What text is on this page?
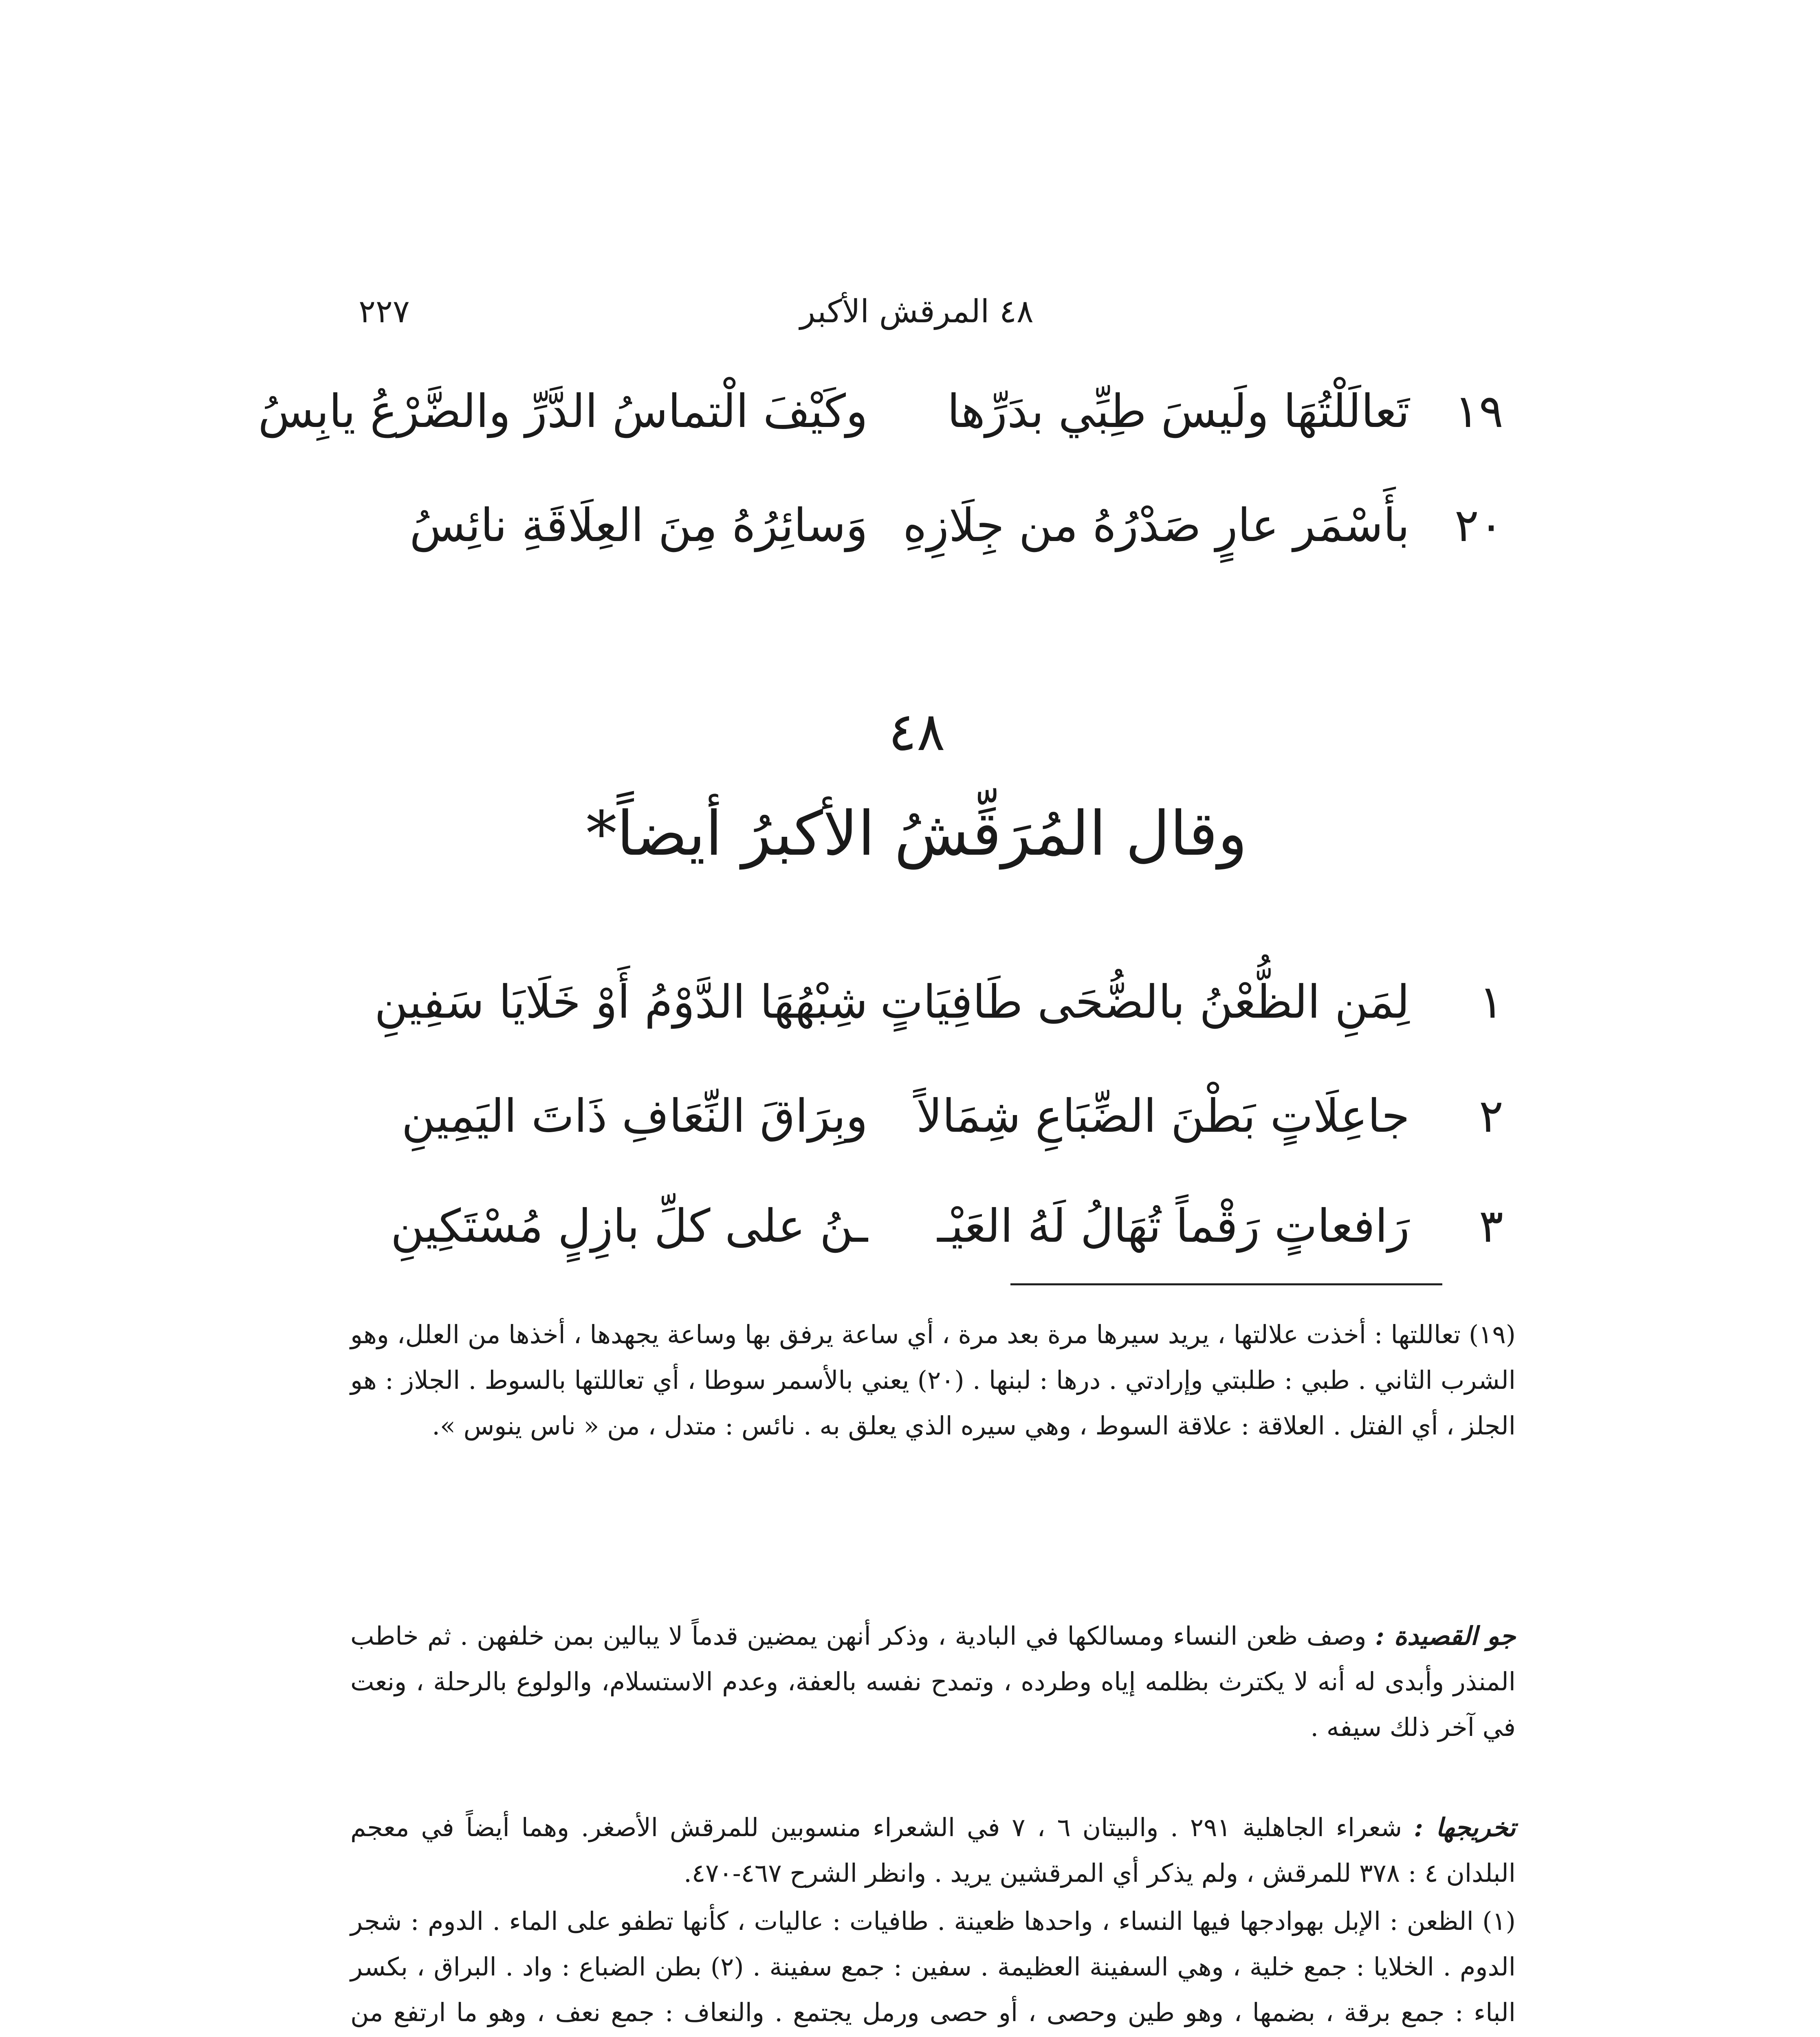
٤٨ المرقش الأكبر
٢٢٧
١٩
تَعالَلْتُهَا ولَيسَ طِبِّي بدَرِّها
وكَيْفَ الْتماسُ الدَّرِّ والضَّرْعُ يابِسُ
٢٠
بأَسْمَر عارٍ صَدْرُهُ من جِلَازِهِ
وَسائِرُهُ مِنَ العِلَاقَةِ نائِسُ
٤٨
وقال المُرَقِّشُ الأكبرُ أيضاً*
١
لِمَنِ الظُّعْنُ بالضُّحَى طَافِيَاتٍ
شِبْهُهَا الدَّوْمُ أَوْ خَلَايَا سَفِينِ
٢
جاعِلَاتٍ بَطْنَ الضِّبَاعِ شِمَالاً
وبِرَاقَ النِّعَافِ ذَاتَ اليَمِينِ
٣
رَافعاتٍ رَقْماً تُهَالُ لَهُ العَيْـ
ـنُ على كلِّ بازِلٍ مُسْتَكِينِ
(١٩) تعاللتها : أخذت علالتها ، يريد سيرها مرة بعد مرة ، أي ساعة يرفق بها وساعة يجهدها ، أخذها من العلل، وهو الشرب الثاني . طبي : طلبتي وإرادتي . درها : لبنها . (٢٠) يعني بالأسمر سوطا ، أي تعاللتها بالسوط . الجلاز : هو الجلز ، أي الفتل . العلاقة : علاقة السوط ، وهي سيره الذي يعلق به . نائس : متدل ، من « ناس ينوس ».
جو القصيدة : وصف ظعن النساء ومسالكها في البادية ، وذكر أنهن يمضين قدماً لا يبالين بمن خلفهن . ثم خاطب المنذر وأبدى له أنه لا يكترث بظلمه إياه وطرده ، وتمدح نفسه بالعفة، وعدم الاستسلام، والولوع بالرحلة ، ونعت في آخر ذلك سيفه .
تخريجها : شعراء الجاهلية ٢٩١ . والبيتان ٦ ، ٧ في الشعراء منسوبين للمرقش الأصغر. وهما أيضاً في معجم البلدان ٤ : ٣٧٨ للمرقش ، ولم يذكر أي المرقشين يريد . وانظر الشرح ٤٦٧-٤٧٠.
(١) الظعن : الإبل بهوادجها فيها النساء ، واحدها ظعينة . طافيات : عاليات ، كأنها تطفو على الماء . الدوم : شجر الدوم . الخلايا : جمع خلية ، وهي السفينة العظيمة . سفين : جمع سفينة . (٢) بطن الضباع : واد . البراق ، بكسر الباء : جمع برقة ، بضمها ، وهو طين وحصى ، أو حصى ورمل يجتمع . والنعاف : جمع نعف ، وهو ما ارتفع من
